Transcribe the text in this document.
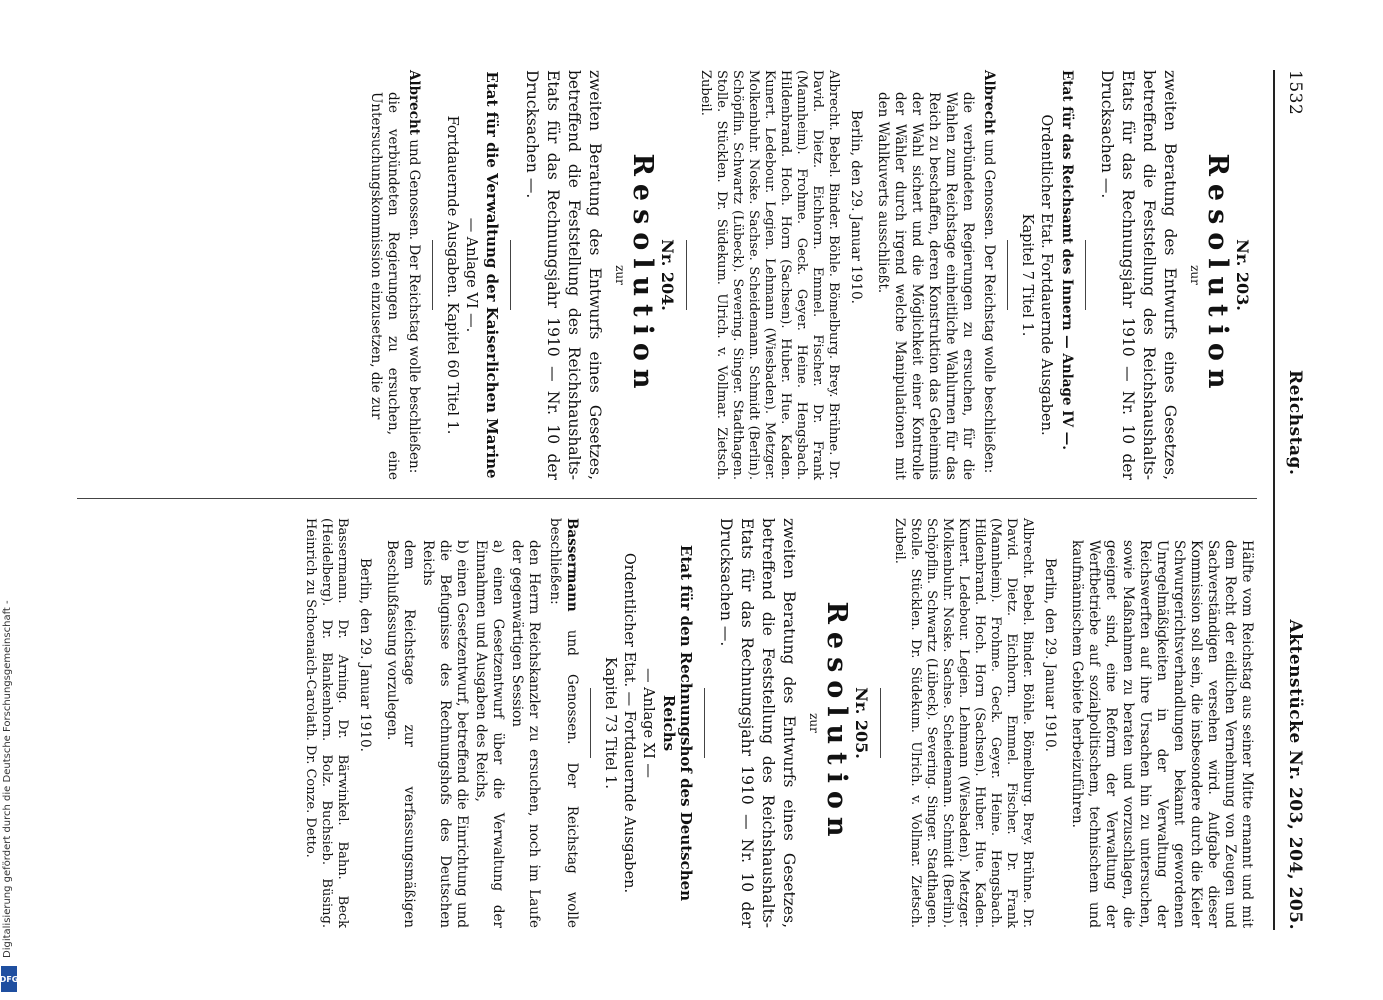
1532
Reichstag.
Aktenstücke Nr. 203, 204, 205.
Nr. 203.
Resolution
zur
zweiten Beratung des Entwurfs eines Gesetzes, betreffend die Feststellung des Reichshaushalts-Etats für das Rechnungsjahr 1910 — Nr. 10 der Drucksachen —.
Etat für das Reichsamt des Innern — Anlage IV —.
Ordentlicher Etat. Fortdauernde Ausgaben.
Kapitel 7 Titel 1.
Albrecht und Genossen. Der Reichstag wolle beschließen:
die verbündeten Regierungen zu ersuchen, für die Wahlen zum Reichstage einheitliche Wahlurnen für das Reich zu beschaffen, deren Konstruktion das Geheimnis der Wahl sichert und die Möglichkeit einer Kontrolle der Wähler durch irgend welche Manipulationen mit den Wahlkuverts ausschließt.
Berlin, den 29. Januar 1910.
Albrecht. Bebel. Binder. Böhle. Bömelburg. Brey. Brühne. Dr. David. Dietz. Eichhorn. Emmel. Fischer. Dr. Frank (Mannheim). Frohme. Geck. Geyer. Heine. Hengsbach. Hildenbrand. Hoch. Horn (Sachsen). Huber. Hue. Kaden. Kunert. Ledebour. Legien. Lehmann (Wiesbaden). Metzger. Molkenbuhr. Noske. Sachse. Scheidemann. Schmidt (Berlin). Schöpflin. Schwartz (Lübeck). Severing. Singer. Stadthagen. Stolle. Stücklen. Dr. Südekum. Ulrich. v. Vollmar. Zietsch. Zubeil.
Nr. 204.
Resolution
zur
zweiten Beratung des Entwurfs eines Gesetzes, betreffend die Feststellung des Reichshaushalts-Etats für das Rechnungsjahr 1910 — Nr. 10 der Drucksachen —.
Etat für die Verwaltung der Kaiserlichen Marine
— Anlage VI —.
Fortdauernde Ausgaben. Kapitel 60 Titel 1.
Albrecht und Genossen. Der Reichstag wolle beschließen:
die verbündeten Regierungen zu ersuchen, eine Untersuchungskommission einzusetzen, die zur
Hälfte vom Reichstag aus seiner Mitte ernannt und mit dem Recht der eidlichen Vernehmung von Zeugen und Sachverständigen versehen wird. Aufgabe dieser Kommission soll sein, die insbesondere durch die Kieler Schwurgerichtsverhandlungen bekannt gewordenen Unregelmäßigkeiten in der Verwaltung der Reichswerften auf ihre Ursachen hin zu untersuchen, sowie Maßnahmen zu beraten und vorzuschlagen, die geeignet sind, eine Reform der Verwaltung der Werftbetriebe auf sozialpolitischem, technischem und kaufmännischem Gebiete herbeizuführen.
Berlin, den 29. Januar 1910.
Albrecht. Bebel. Binder. Böhle. Bömelburg. Brey. Brühne. Dr. David. Dietz. Eichhorn. Emmel. Fischer. Dr. Frank (Mannheim). Frohme. Geck. Geyer. Heine. Hengsbach. Hildenbrand. Hoch. Horn (Sachsen). Huber. Hue. Kaden. Kunert. Ledebour. Legien. Lehmann (Wiesbaden). Metzger. Molkenbuhr. Noske. Sachse. Scheidemann. Schmidt (Berlin). Schöpflin. Schwartz (Lübeck). Severing. Singer. Stadthagen. Stolle. Stücklen. Dr. Südekum. Ulrich. v. Vollmar. Zietsch. Zubeil.
Nr. 205.
Resolution
zur
zweiten Beratung des Entwurfs eines Gesetzes, betreffend die Feststellung des Reichshaushalts-Etats für das Rechnungsjahr 1910 — Nr. 10 der Drucksachen —.
Etat für den Rechnungshof des Deutschen Reichs
— Anlage XI —
Ordentlicher Etat. — Fortdauernde Ausgaben.
Kapitel 73 Titel 1.
Bassermann und Genossen. Der Reichstag wolle beschließen:
den Herrn Reichskanzler zu ersuchen, noch im Laufe der gegenwärtigen Session
a) einen Gesetzentwurf über die Verwaltung der Einnahmen und Ausgaben des Reichs,
b) einen Gesetzentwurf, betreffend die Einrichtung und die Befugnisse des Rechnungshofs des Deutschen Reichs
dem Reichstage zur verfassungsmäßigen Beschlußfassung vorzulegen.
Berlin, den 29. Januar 1910.
Bassermann. Dr. Arning. Dr. Bärwinkel. Bahn. Beck (Heidelberg). Dr. Blankenhorn. Bolz. Buchsieb. Büsing. Heinrich zu Schoenaich-Carolath. Dr. Conze. Detto.
Digitalisierung gefördert durch die Deutsche Forschungsgemeinschaft -
DFG
